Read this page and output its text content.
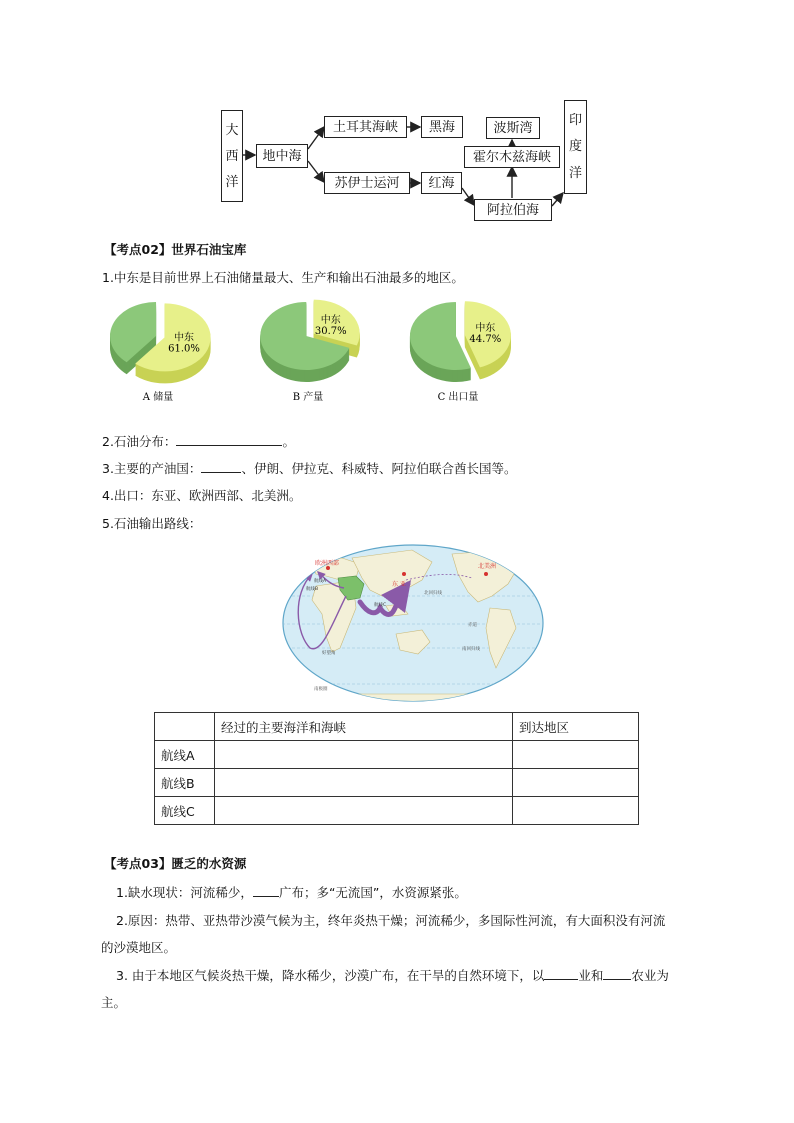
大
西
洋
地中海
土耳其海峡	黑海
苏伊士运河	红海
波斯湾
霍尔木兹海峡
阿拉伯海
印
度
洋
【考点02】世界石油宝库
1.中东是目前世界上石油储量最大、生产和输出石油最多的地区。
中东
61.0%
A 储量
中东
30.7%
B 产量
中东
44.7%
C 出口量
2.石油分布：	。
3.主要的产油国：	、伊朗、伊拉克、科威特、阿拉伯联合酋长国等。
4.出口：东亚、欧洲西部、北美洲。
5.石油输出路线：
欧洲西部
东 亚
北美洲
航线A
航线B
航线C
北回归线
赤道
南回归线
好望角
南极圈
	经过的主要海洋和海峡	到达地区
航线A		
航线B		
航线C		
【考点03】匮乏的水资源
1.缺水现状：河流稀少， 广布；多“无流国”，水资源紧张。
2.原因：热带、亚热带沙漠气候为主，终年炎热干燥；河流稀少，多国际性河流，有大面积没有河流
的沙漠地区。
3. 由于本地区气候炎热干燥，降水稀少，沙漠广布，在干旱的自然环境下，以	业和 农业为
主。
